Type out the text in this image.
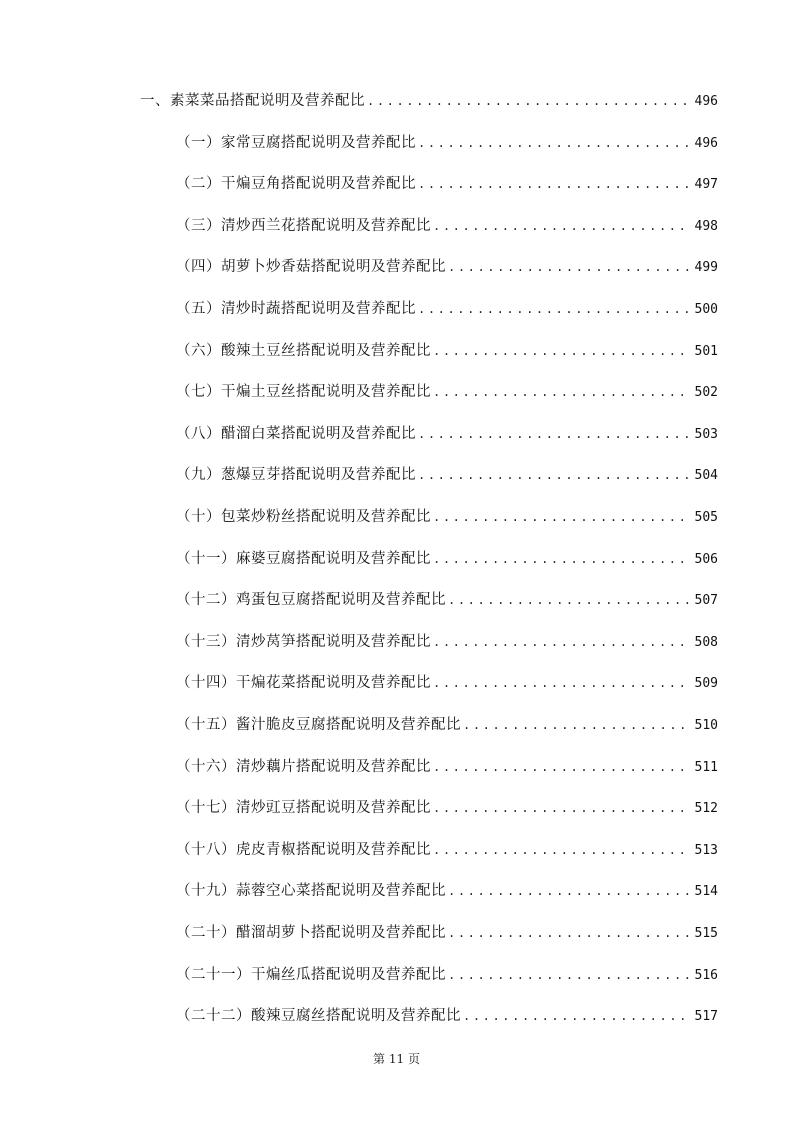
一、素菜菜品搭配说明及营养配比 .....	496
（一）家常豆腐搭配说明及营养配比 .....	496
（二）干煸豆角搭配说明及营养配比 .....	497
（三）清炒西兰花搭配说明及营养配比 .....	498
（四）胡萝卜炒香菇搭配说明及营养配比 .....	499
（五）清炒时蔬搭配说明及营养配比 .....	500
（六）酸辣土豆丝搭配说明及营养配比 .....	501
（七）干煸土豆丝搭配说明及营养配比 .....	502
（八）醋溜白菜搭配说明及营养配比 .....	503
（九）葱爆豆芽搭配说明及营养配比 .....	504
（十）包菜炒粉丝搭配说明及营养配比 .....	505
（十一）麻婆豆腐搭配说明及营养配比 .....	506
（十二）鸡蛋包豆腐搭配说明及营养配比 .....	507
（十三）清炒莴笋搭配说明及营养配比 .....	508
（十四）干煸花菜搭配说明及营养配比 .....	509
（十五）酱汁脆皮豆腐搭配说明及营养配比 .....	510
（十六）清炒藕片搭配说明及营养配比 .....	511
（十七）清炒豇豆搭配说明及营养配比 .....	512
（十八）虎皮青椒搭配说明及营养配比 .....	513
（十九）蒜蓉空心菜搭配说明及营养配比 .....	514
（二十）醋溜胡萝卜搭配说明及营养配比 .....	515
（二十一）干煸丝瓜搭配说明及营养配比 .....	516
（二十二）酸辣豆腐丝搭配说明及营养配比 .....	517
第 11 页
